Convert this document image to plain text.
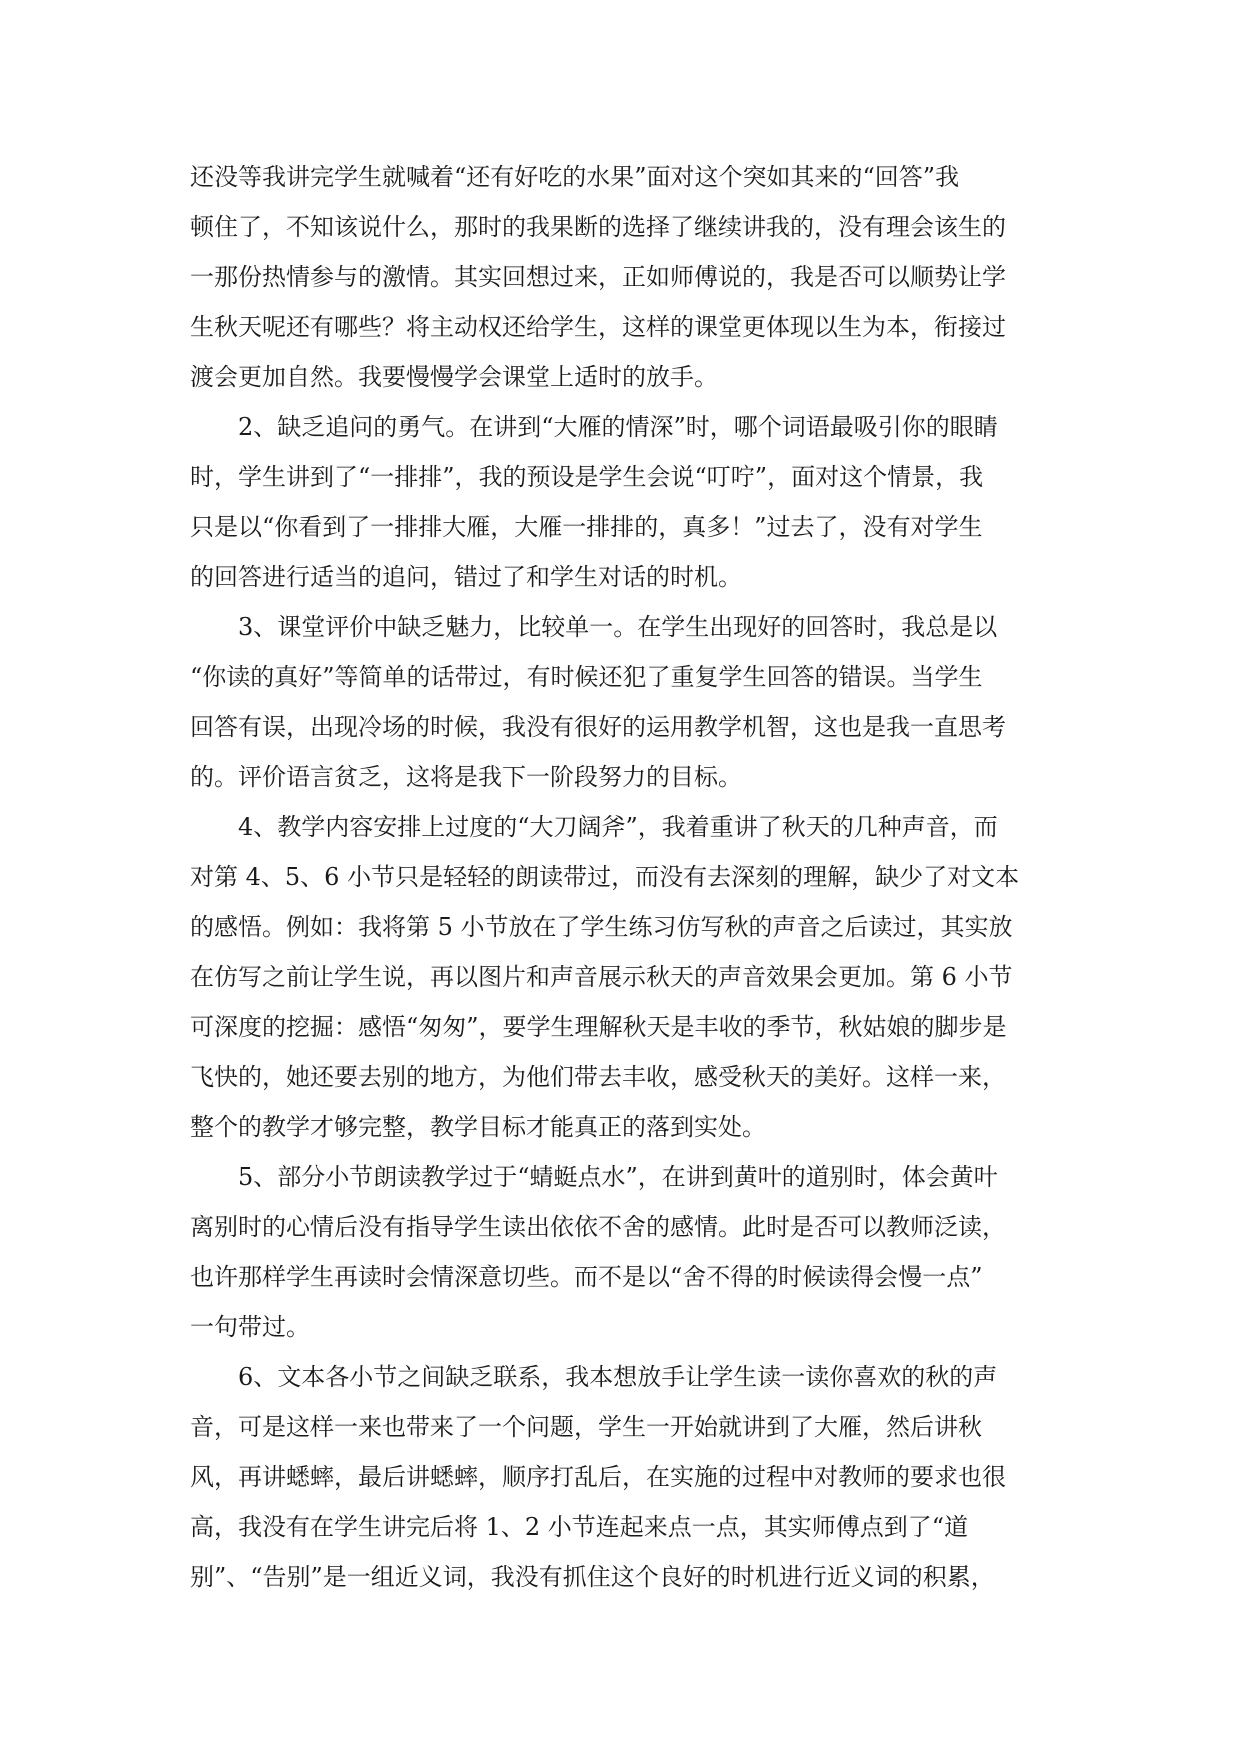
还没等我讲完学生就喊着“还有好吃的水果”面对这个突如其来的“回答”我
顿住了，不知该说什么，那时的我果断的选择了继续讲我的，没有理会该生的
一那份热情参与的激情。其实回想过来，正如师傅说的，我是否可以顺势让学
生秋天呢还有哪些？将主动权还给学生，这样的课堂更体现以生为本，衔接过
渡会更加自然。我要慢慢学会课堂上适时的放手。
2、缺乏追问的勇气。在讲到“大雁的情深”时，哪个词语最吸引你的眼睛
时，学生讲到了“一排排”，我的预设是学生会说“叮咛”，面对这个情景，我
只是以“你看到了一排排大雁，大雁一排排的，真多！”过去了，没有对学生
的回答进行适当的追问，错过了和学生对话的时机。
3、课堂评价中缺乏魅力，比较单一。在学生出现好的回答时，我总是以
“你读的真好”等简单的话带过，有时候还犯了重复学生回答的错误。当学生
回答有误，出现冷场的时候，我没有很好的运用教学机智，这也是我一直思考
的。评价语言贫乏，这将是我下一阶段努力的目标。
4、教学内容安排上过度的“大刀阔斧”，我着重讲了秋天的几种声音，而
对第 4、5、6 小节只是轻轻的朗读带过，而没有去深刻的理解，缺少了对文本
的感悟。例如：我将第 5 小节放在了学生练习仿写秋的声音之后读过，其实放
在仿写之前让学生说，再以图片和声音展示秋天的声音效果会更加。第 6 小节
可深度的挖掘：感悟“匆匆”，要学生理解秋天是丰收的季节，秋姑娘的脚步是
飞快的，她还要去别的地方，为他们带去丰收，感受秋天的美好。这样一来，
整个的教学才够完整，教学目标才能真正的落到实处。
5、部分小节朗读教学过于“蜻蜓点水”，在讲到黄叶的道别时，体会黄叶
离别时的心情后没有指导学生读出依依不舍的感情。此时是否可以教师泛读，
也许那样学生再读时会情深意切些。而不是以“舍不得的时候读得会慢一点”
一句带过。
6、文本各小节之间缺乏联系，我本想放手让学生读一读你喜欢的秋的声
音，可是这样一来也带来了一个问题，学生一开始就讲到了大雁，然后讲秋
风，再讲蟋蟀，最后讲蟋蟀，顺序打乱后，在实施的过程中对教师的要求也很
高，我没有在学生讲完后将 1、2 小节连起来点一点，其实师傅点到了“道
别”、“告别”是一组近义词，我没有抓住这个良好的时机进行近义词的积累，
